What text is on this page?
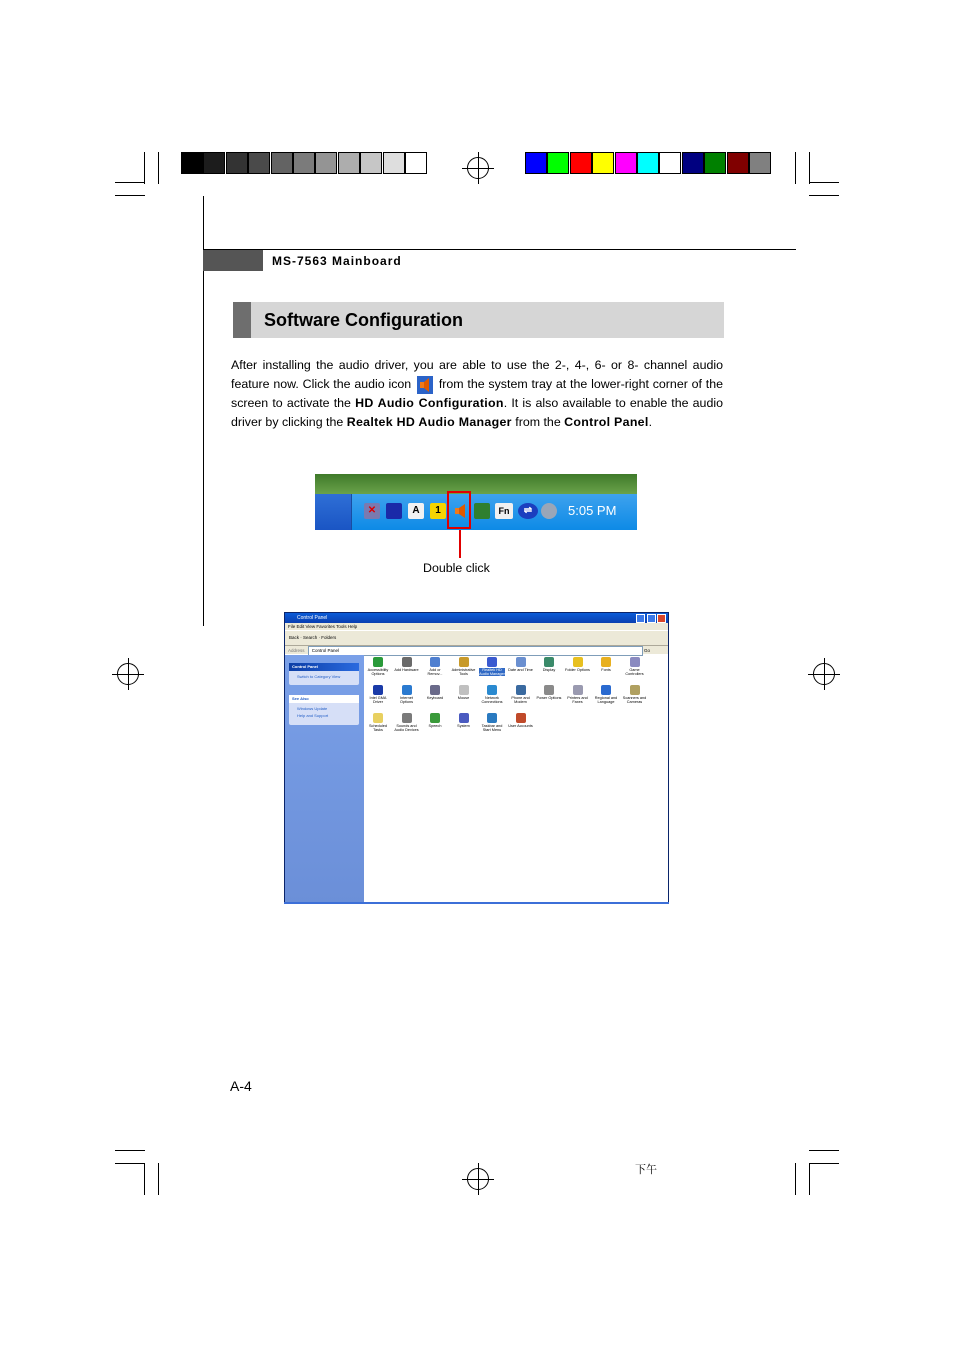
MS-7563 Mainboard
Software Configuration
After installing the audio driver, you are able to use the 2-, 4-, 6- or 8- channel audio feature now. Click the audio icon from the system tray at the lower-right corner of the screen to activate the HD Audio Configuration. It is also available to enable the audio driver by clicking the Realtek HD Audio Manager from the Control Panel.
✕	A	1	Fn	⇌	5:05 PM
Double click
Control Panel

File Edit View Favorites Tools Help
Back · Search · Folders
Address Control Panel	Go
Control Panel
Switch to Category View
See Also
Windows Update
Help and Support
Accessibility Options
Add Hardware	Add or Remov...
Administrative Tools
Realtek HD Audio Manager
Date and Time	Display	Folder Options	Fonts	Game Controllers
Intel GMA Driver
Internet Options
Keyboard	Mouse	Network Connections
Phone and Modem
Power Options	Printers and Faxes
Regional and Language
Scanners and Cameras
Scheduled Tasks
Sounds and Audio Devices
Speech	System	Taskbar and Start Menu
User Accounts
A-4
下午
